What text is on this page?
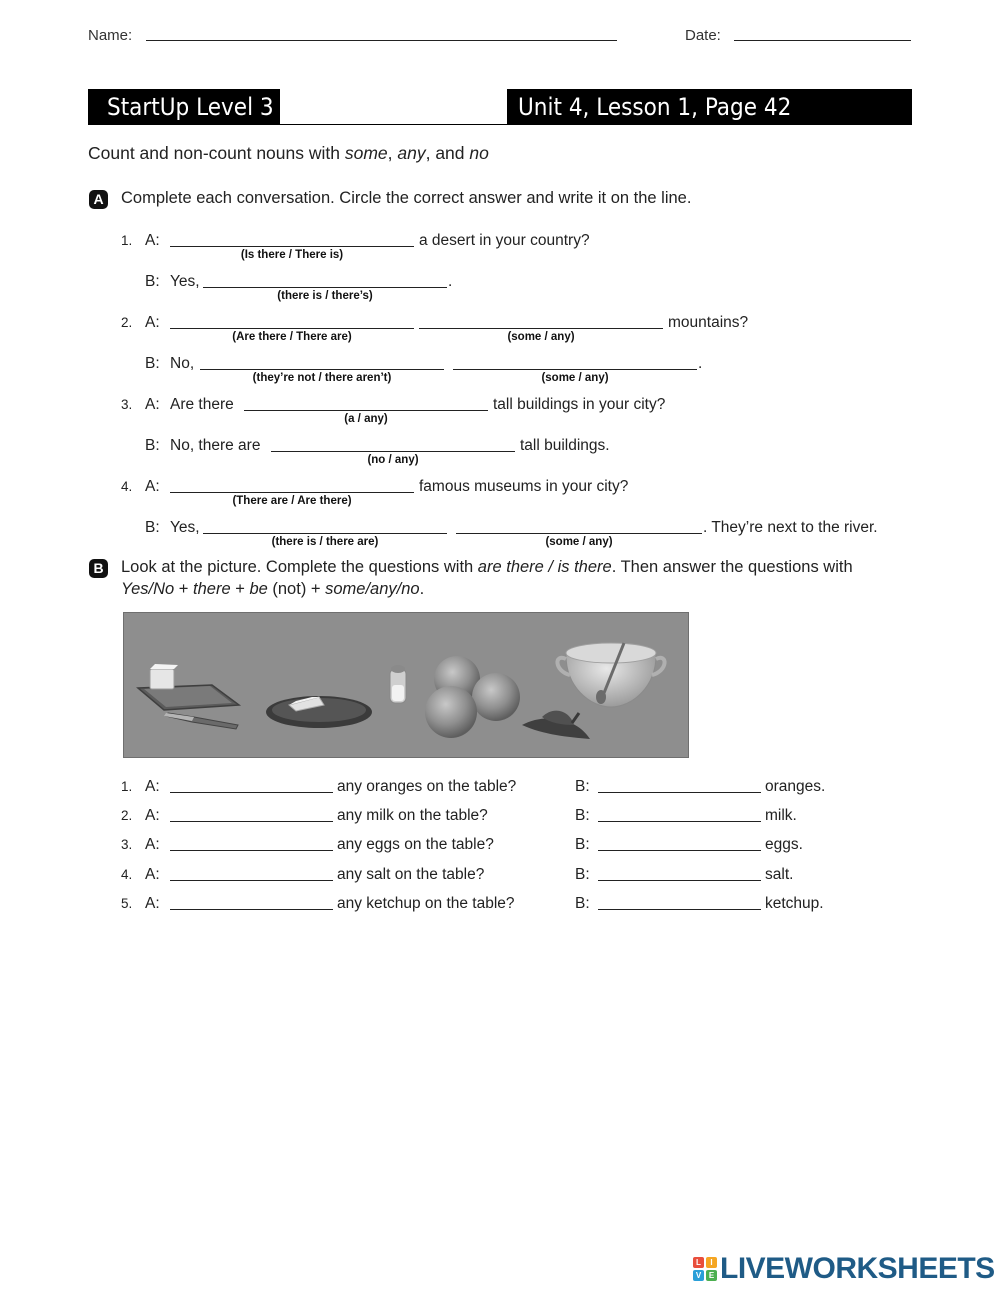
Name:	Date:
StartUp Level 3	Unit 4, Lesson 1, Page 42
Count and non-count nouns with some, any, and no
A Complete each conversation. Circle the correct answer and write it on the line.
1. A:
(Is there / There is)
a desert in your country?
B: Yes,
(there is / there’s)
.
2. A:
(Are there / There are)	(some / any)
mountains?
B: No,
(they’re not / there aren’t)	(some / any)
.
3. A: Are there
(a / any)
tall buildings in your city?
B: No, there are
(no / any)
tall buildings.
4. A:
(There are / Are there)
famous museums in your city?
B: Yes,
(there is / there are)	(some / any)
. They’re next to the river.
B Look at the picture. Complete the questions with are there / is there. Then answer the questions with
Yes/No + there + be (not) + some/any/no.
1. A:	any oranges on the table?	B:	oranges.
2. A:	any milk on the table?	B:	milk.
3. A:	any eggs on the table?	B:	eggs.
4. A:	any salt on the table?	B:	salt.
5. A:	any ketchup on the table?	B:	ketchup.
L	I
V E LIVEWORKSHEETS
